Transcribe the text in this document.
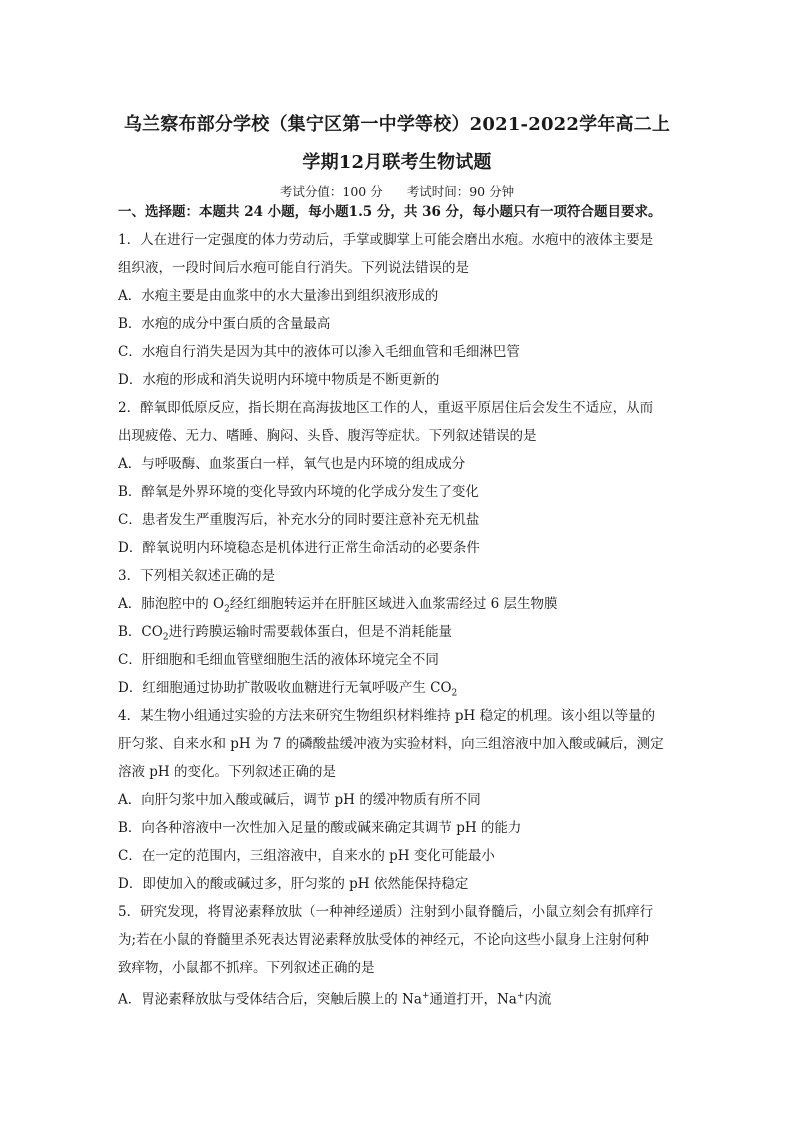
乌兰察布部分学校（集宁区第一中学等校）2021-2022学年高二上
学期12月联考生物试题
考试分值：100 分 考试时间：90 分钟
一、选择题：本题共 24 小题，每小题1.5 分，共 36 分，每小题只有一项符合题目要求。
1．人在进行一定强度的体力劳动后，手掌或脚掌上可能会磨出水疱。水疱中的液体主要是
组织液，一段时间后水疱可能自行消失。下列说法错误的是
A．水疱主要是由血浆中的水大量渗出到组织液形成的
B．水疱的成分中蛋白质的含量最高
C．水疱自行消失是因为其中的液体可以渗入毛细血管和毛细淋巴管
D．水疱的形成和消失说明内环境中物质是不断更新的
2．醉氧即低原反应，指长期在高海拔地区工作的人，重返平原居住后会发生不适应，从而
出现疲倦、无力、嗜睡、胸闷、头昏、腹泻等症状。下列叙述错误的是
A．与呼吸酶、血浆蛋白一样，氧气也是内环境的组成成分
B．醉氧是外界环境的变化导致内环境的化学成分发生了变化
C．患者发生严重腹泻后，补充水分的同时要注意补充无机盐
D．醉氧说明内环境稳态是机体进行正常生命活动的必要条件
3．下列相关叙述正确的是
A．肺泡腔中的 $O_2$经红细胞转运并在肝脏区域进入血浆需经过 6 层生物膜
B．$CO_2$进行跨膜运输时需要载体蛋白，但是不消耗能量
C．肝细胞和毛细血管壁细胞生活的液体环境完全不同
D．红细胞通过协助扩散吸收血糖进行无氧呼吸产生 $CO_2$
4．某生物小组通过实验的方法来研究生物组织材料维持 pH 稳定的机理。该小组以等量的
肝匀浆、自来水和 pH 为 7 的磷酸盐缓冲液为实验材料，向三组溶液中加入酸或碱后，测定
溶液 pH 的变化。下列叙述正确的是
A．向肝匀浆中加入酸或碱后，调节 pH 的缓冲物质有所不同
B．向各种溶液中一次性加入足量的酸或碱来确定其调节 pH 的能力
C．在一定的范围内，三组溶液中，自来水的 pH 变化可能最小
D．即使加入的酸或碱过多，肝匀浆的 pH 依然能保持稳定
5．研究发现，将胃泌素释放肽（一种神经递质）注射到小鼠脊髓后，小鼠立刻会有抓痒行
为;若在小鼠的脊髓里杀死表达胃泌素释放肽受体的神经元，不论向这些小鼠身上注射何种
致痒物，小鼠都不抓痒。下列叙述正确的是
A．胃泌素释放肽与受体结合后，突触后膜上的 Na+通道打开，Na+内流
